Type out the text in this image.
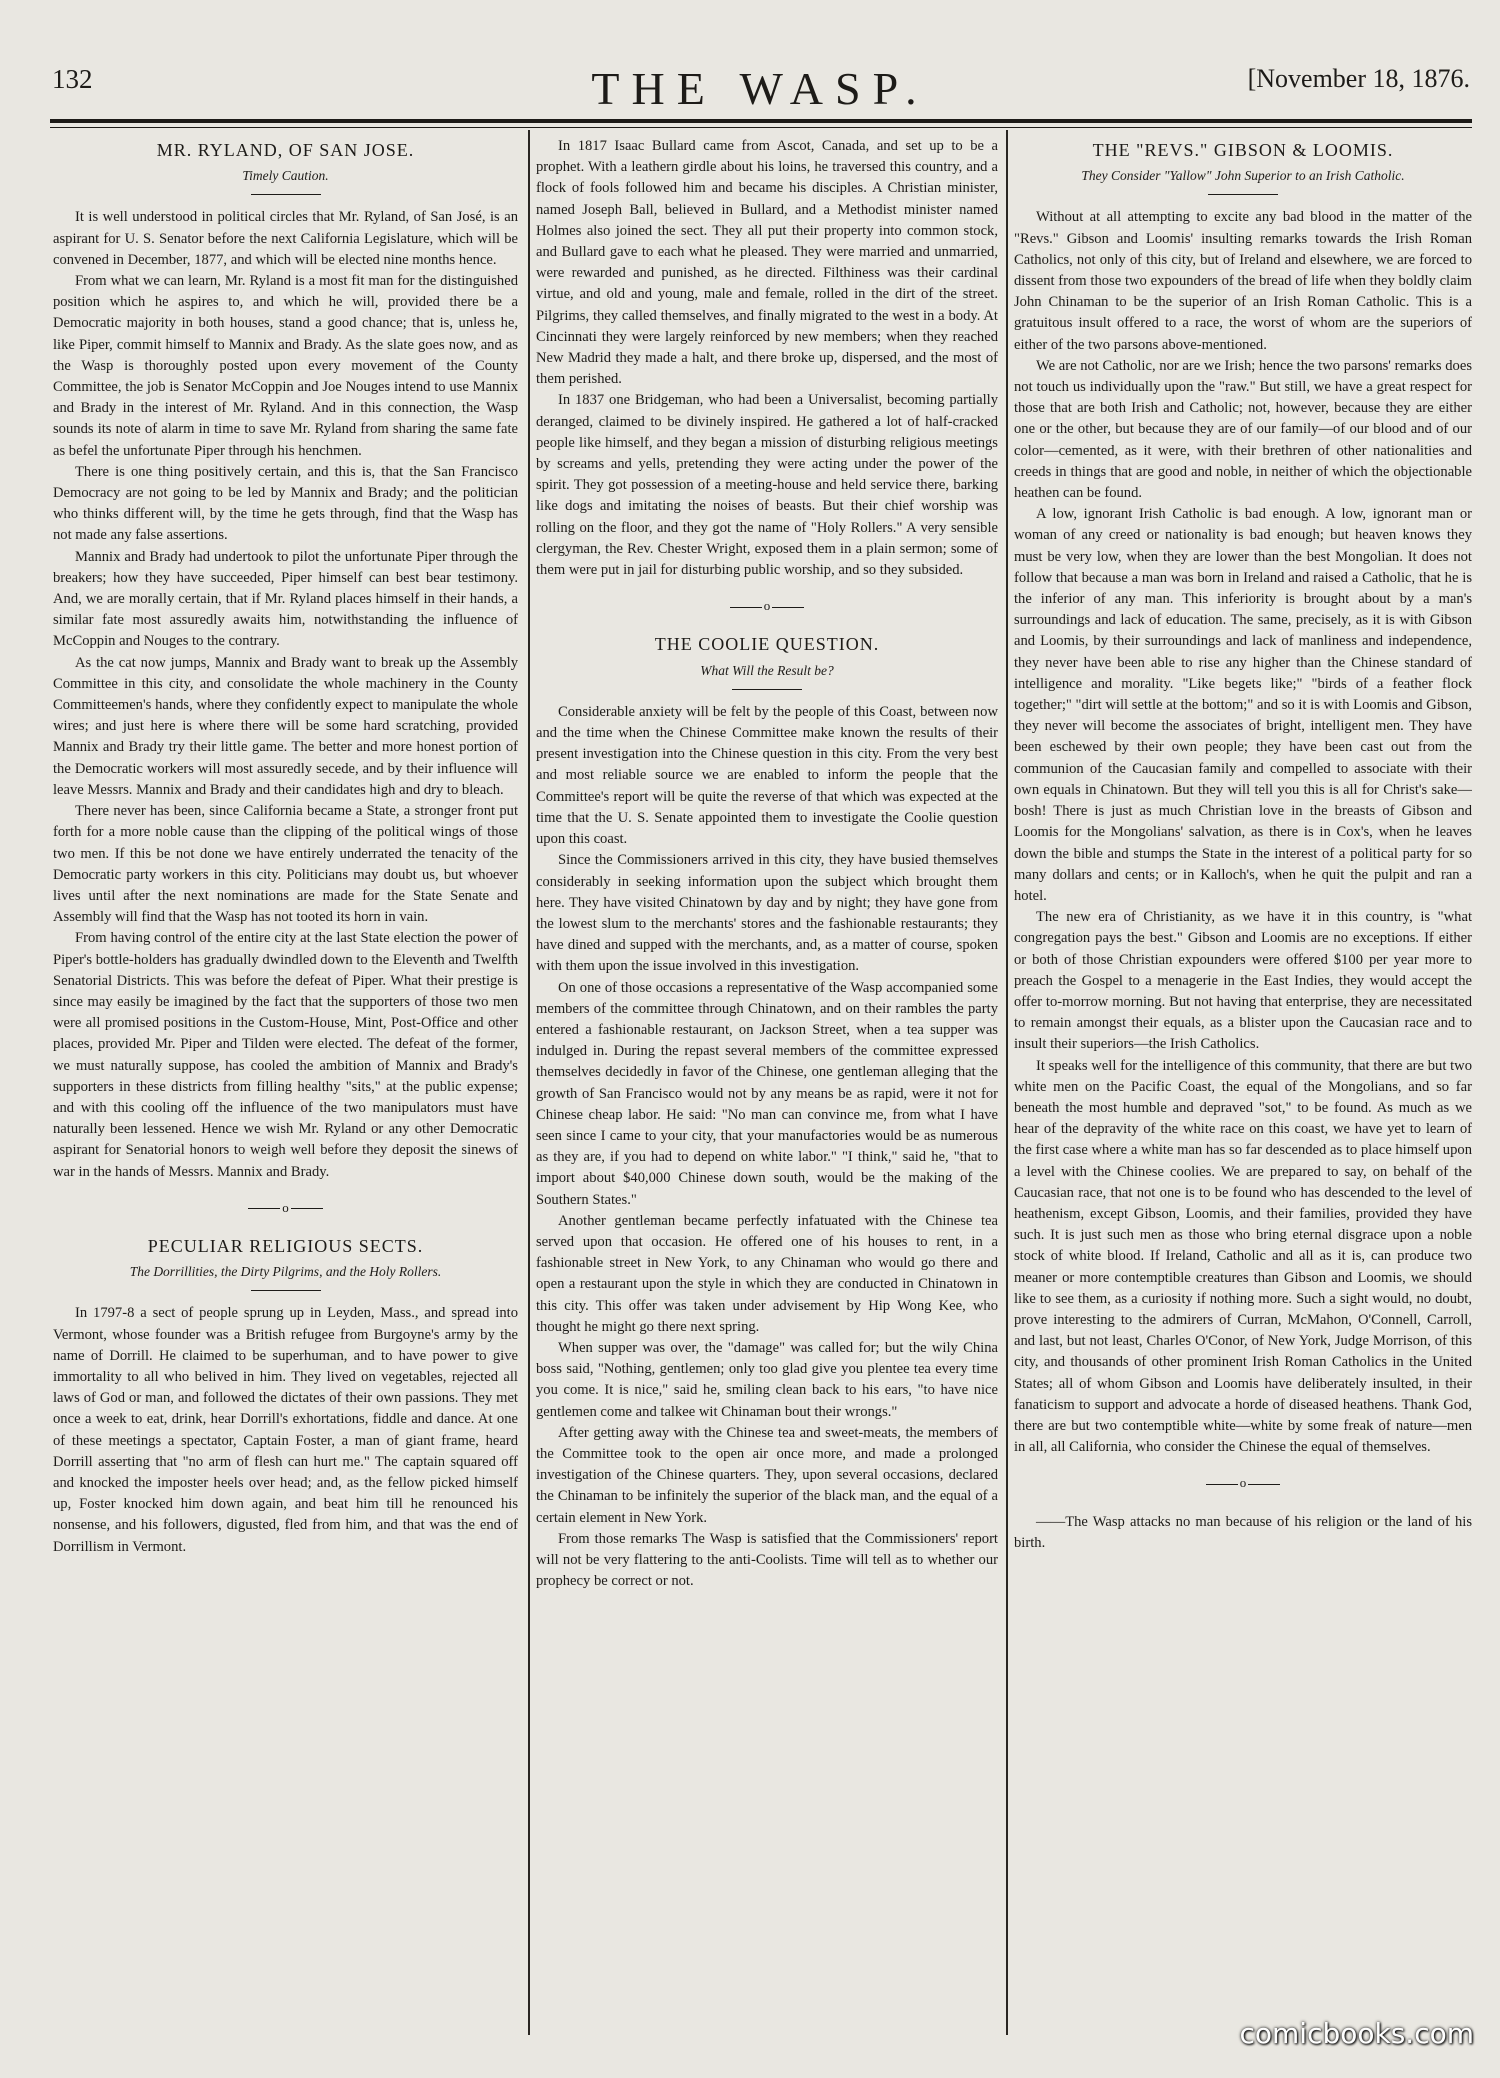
132	THE WASP.	[November 18, 1876.
MR. RYLAND, OF SAN JOSE.
Timely Caution.

It is well understood in political circles that Mr. Ryland, of San José, is an aspirant for U. S. Senator before the next California Legislature, which will be convened in December, 1877, and which will be elected nine months hence.

From what we can learn, Mr. Ryland is a most fit man for the distinguished position which he aspires to, and which he will, provided there be a Democratic majority in both houses, stand a good chance; that is, unless he, like Piper, commit himself to Mannix and Brady. As the slate goes now, and as the Wasp is thoroughly posted upon every movement of the County Committee, the job is Senator McCoppin and Joe Nouges intend to use Mannix and Brady in the interest of Mr. Ryland. And in this connection, the Wasp sounds its note of alarm in time to save Mr. Ryland from sharing the same fate as befel the unfortunate Piper through his henchmen.

There is one thing positively certain, and this is, that the San Francisco Democracy are not going to be led by Mannix and Brady; and the politician who thinks different will, by the time he gets through, find that the Wasp has not made any false assertions.

Mannix and Brady had undertook to pilot the unfortunate Piper through the breakers; how they have succeeded, Piper himself can best bear testimony. And, we are morally certain, that if Mr. Ryland places himself in their hands, a similar fate most assuredly awaits him, notwithstanding the influence of McCoppin and Nouges to the contrary.

As the cat now jumps, Mannix and Brady want to break up the Assembly Committee in this city, and consolidate the whole machinery in the County Committeemen's hands, where they confidently expect to manipulate the whole wires; and just here is where there will be some hard scratching, provided Mannix and Brady try their little game. The better and more honest portion of the Democratic workers will most assuredly secede, and by their influence will leave Messrs. Mannix and Brady and their candidates high and dry to bleach.

There never has been, since California became a State, a stronger front put forth for a more noble cause than the clipping of the political wings of those two men. If this be not done we have entirely underrated the tenacity of the Democratic party workers in this city. Politicians may doubt us, but whoever lives until after the next nominations are made for the State Senate and Assembly will find that the Wasp has not tooted its horn in vain.

From having control of the entire city at the last State election the power of Piper's bottle-holders has gradually dwindled down to the Eleventh and Twelfth Senatorial Districts. This was before the defeat of Piper. What their prestige is since may easily be imagined by the fact that the supporters of those two men were all promised positions in the Custom-House, Mint, Post-Office and other places, provided Mr. Piper and Tilden were elected. The defeat of the former, we must naturally suppose, has cooled the ambition of Mannix and Brady's supporters in these districts from filling healthy "sits," at the public expense; and with this cooling off the influence of the two manipulators must have naturally been lessened. Hence we wish Mr. Ryland or any other Democratic aspirant for Senatorial honors to weigh well before they deposit the sinews of war in the hands of Messrs. Mannix and Brady.

o
PECULIAR RELIGIOUS SECTS.
The Dorrillities, the Dirty Pilgrims, and the Holy Rollers.

In 1797-8 a sect of people sprung up in Leyden, Mass., and spread into Vermont, whose founder was a British refugee from Burgoyne's army by the name of Dorrill. He claimed to be superhuman, and to have power to give immortality to all who belived in him. They lived on vegetables, rejected all laws of God or man, and followed the dictates of their own passions. They met once a week to eat, drink, hear Dorrill's exhortations, fiddle and dance. At one of these meetings a spectator, Captain Foster, a man of giant frame, heard Dorrill asserting that "no arm of flesh can hurt me." The captain squared off and knocked the imposter heels over head; and, as the fellow picked himself up, Foster knocked him down again, and beat him till he renounced his nonsense, and his followers, digusted, fled from him, and that was the end of Dorrillism in Vermont.

In 1817 Isaac Bullard came from Ascot, Canada, and set up to be a prophet. With a leathern girdle about his loins, he traversed this country, and a flock of fools followed him and became his disciples. A Christian minister, named Joseph Ball, believed in Bullard, and a Methodist minister named Holmes also joined the sect. They all put their property into common stock, and Bullard gave to each what he pleased. They were married and unmarried, were rewarded and punished, as he directed. Filthiness was their cardinal virtue, and old and young, male and female, rolled in the dirt of the street. Pilgrims, they called themselves, and finally migrated to the west in a body. At Cincinnati they were largely reinforced by new members; when they reached New Madrid they made a halt, and there broke up, dispersed, and the most of them perished.

In 1837 one Bridgeman, who had been a Universalist, becoming partially deranged, claimed to be divinely inspired. He gathered a lot of half-cracked people like himself, and they began a mission of disturbing religious meetings by screams and yells, pretending they were acting under the power of the spirit. They got possession of a meeting-house and held service there, barking like dogs and imitating the noises of beasts. But their chief worship was rolling on the floor, and they got the name of "Holy Rollers." A very sensible clergyman, the Rev. Chester Wright, exposed them in a plain sermon; some of them were put in jail for disturbing public worship, and so they subsided.

o
THE COOLIE QUESTION.
What Will the Result be?

Considerable anxiety will be felt by the people of this Coast, between now and the time when the Chinese Committee make known the results of their present investigation into the Chinese question in this city. From the very best and most reliable source we are enabled to inform the people that the Committee's report will be quite the reverse of that which was expected at the time that the U. S. Senate appointed them to investigate the Coolie question upon this coast.

Since the Commissioners arrived in this city, they have busied themselves considerably in seeking information upon the subject which brought them here. They have visited Chinatown by day and by night; they have gone from the lowest slum to the merchants' stores and the fashionable restaurants; they have dined and supped with the merchants, and, as a matter of course, spoken with them upon the issue involved in this investigation.

On one of those occasions a representative of the Wasp accompanied some members of the committee through Chinatown, and on their rambles the party entered a fashionable restaurant, on Jackson Street, when a tea supper was indulged in. During the repast several members of the committee expressed themselves decidedly in favor of the Chinese, one gentleman alleging that the growth of San Francisco would not by any means be as rapid, were it not for Chinese cheap labor. He said: "No man can convince me, from what I have seen since I came to your city, that your manufactories would be as numerous as they are, if you had to depend on white labor." "I think," said he, "that to import about $40,000 Chinese down south, would be the making of the Southern States."

Another gentleman became perfectly infatuated with the Chinese tea served upon that occasion. He offered one of his houses to rent, in a fashionable street in New York, to any Chinaman who would go there and open a restaurant upon the style in which they are conducted in Chinatown in this city. This offer was taken under advisement by Hip Wong Kee, who thought he might go there next spring.

When supper was over, the "damage" was called for; but the wily China boss said, "Nothing, gentlemen; only too glad give you plentee tea every time you come. It is nice," said he, smiling clean back to his ears, "to have nice gentlemen come and talkee wit Chinaman bout their wrongs."

After getting away with the Chinese tea and sweet-meats, the members of the Committee took to the open air once more, and made a prolonged investigation of the Chinese quarters. They, upon several occasions, declared the Chinaman to be infinitely the superior of the black man, and the equal of a certain element in New York.

From those remarks The Wasp is satisfied that the Commissioners' report will not be very flattering to the anti-Coolists. Time will tell as to whether our prophecy be correct or not.

THE "REVS." GIBSON & LOOMIS.
They Consider "Yallow" John Superior to an Irish Catholic.

Without at all attempting to excite any bad blood in the matter of the "Revs." Gibson and Loomis' insulting remarks towards the Irish Roman Catholics, not only of this city, but of Ireland and elsewhere, we are forced to dissent from those two expounders of the bread of life when they boldly claim John Chinaman to be the superior of an Irish Roman Catholic. This is a gratuitous insult offered to a race, the worst of whom are the superiors of either of the two parsons above-mentioned.

We are not Catholic, nor are we Irish; hence the two parsons' remarks does not touch us individually upon the "raw." But still, we have a great respect for those that are both Irish and Catholic; not, however, because they are either one or the other, but because they are of our family—of our blood and of our color—cemented, as it were, with their brethren of other nationalities and creeds in things that are good and noble, in neither of which the objectionable heathen can be found.

A low, ignorant Irish Catholic is bad enough. A low, ignorant man or woman of any creed or nationality is bad enough; but heaven knows they must be very low, when they are lower than the best Mongolian. It does not follow that because a man was born in Ireland and raised a Catholic, that he is the inferior of any man. This inferiority is brought about by a man's surroundings and lack of education. The same, precisely, as it is with Gibson and Loomis, by their surroundings and lack of manliness and independence, they never have been able to rise any higher than the Chinese standard of intelligence and morality. "Like begets like;" "birds of a feather flock together;" "dirt will settle at the bottom;" and so it is with Loomis and Gibson, they never will become the associates of bright, intelligent men. They have been eschewed by their own people; they have been cast out from the communion of the Caucasian family and compelled to associate with their own equals in Chinatown. But they will tell you this is all for Christ's sake—bosh! There is just as much Christian love in the breasts of Gibson and Loomis for the Mongolians' salvation, as there is in Cox's, when he leaves down the bible and stumps the State in the interest of a political party for so many dollars and cents; or in Kalloch's, when he quit the pulpit and ran a hotel.

The new era of Christianity, as we have it in this country, is "what congregation pays the best." Gibson and Loomis are no exceptions. If either or both of those Christian expounders were offered $100 per year more to preach the Gospel to a menagerie in the East Indies, they would accept the offer to-morrow morning. But not having that enterprise, they are necessitated to remain amongst their equals, as a blister upon the Caucasian race and to insult their superiors—the Irish Catholics.

It speaks well for the intelligence of this community, that there are but two white men on the Pacific Coast, the equal of the Mongolians, and so far beneath the most humble and depraved "sot," to be found. As much as we hear of the depravity of the white race on this coast, we have yet to learn of the first case where a white man has so far descended as to place himself upon a level with the Chinese coolies. We are prepared to say, on behalf of the Caucasian race, that not one is to be found who has descended to the level of heathenism, except Gibson, Loomis, and their families, provided they have such. It is just such men as those who bring eternal disgrace upon a noble stock of white blood. If Ireland, Catholic and all as it is, can produce two meaner or more contemptible creatures than Gibson and Loomis, we should like to see them, as a curiosity if nothing more. Such a sight would, no doubt, prove interesting to the admirers of Curran, McMahon, O'Connell, Carroll, and last, but not least, Charles O'Conor, of New York, Judge Morrison, of this city, and thousands of other prominent Irish Roman Catholics in the United States; all of whom Gibson and Loomis have deliberately insulted, in their fanaticism to support and advocate a horde of diseased heathens. Thank God, there are but two contemptible white—white by some freak of nature—men in all, all California, who consider the Chinese the equal of themselves.

o

——The Wasp attacks no man because of his religion or the land of his birth.

comicbooks.com
